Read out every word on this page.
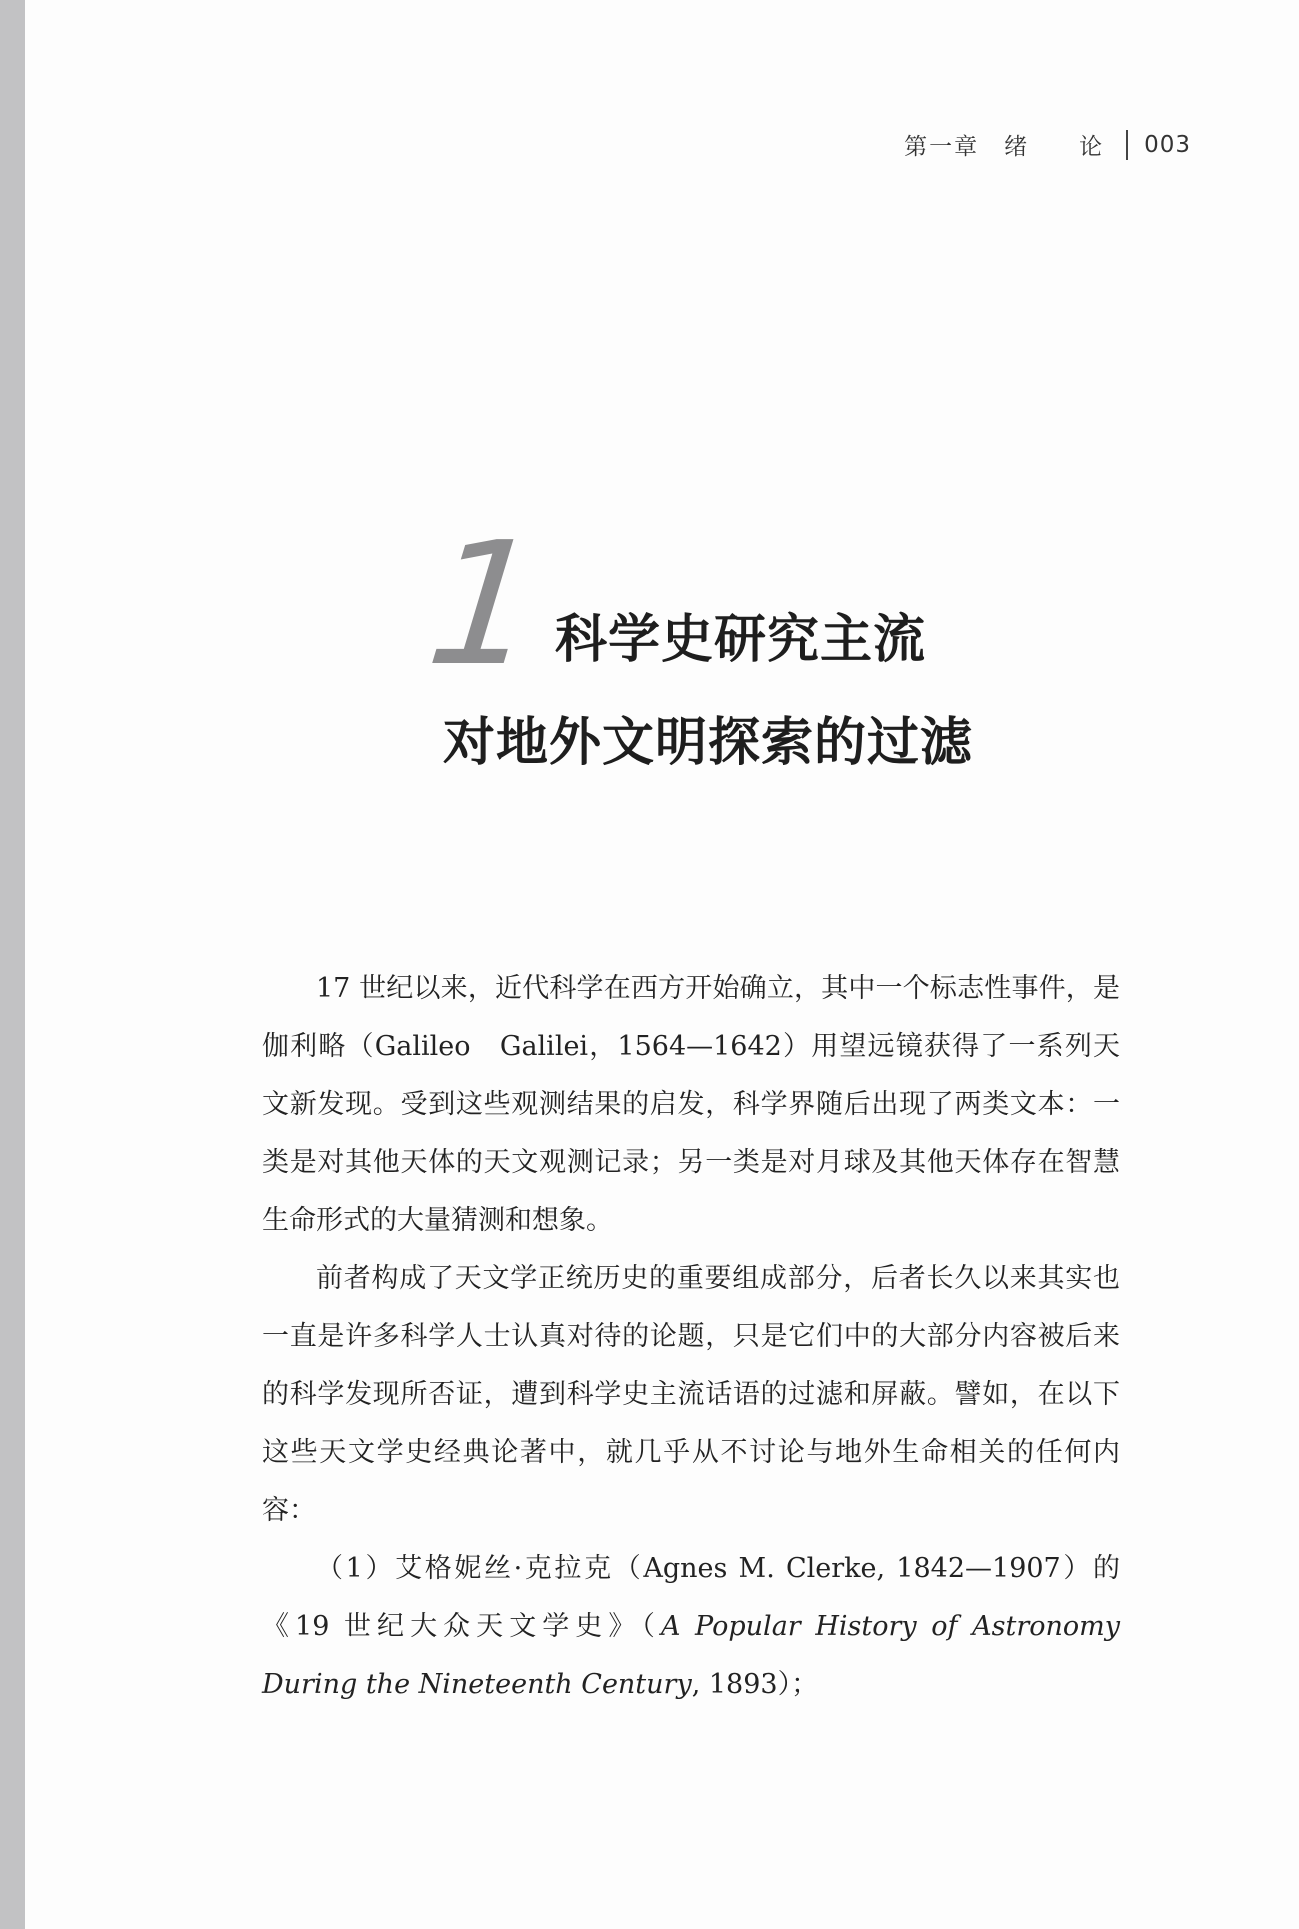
第一章　绪　　论 003
1 科学史研究主流
对地外文明探索的过滤

17 世纪以来，近代科学在西方开始确立，其中一个标志性事件，是伽利略（Galileo　Galilei，1564—1642）用望远镜获得了一系列天文新发现。受到这些观测结果的启发，科学界随后出现了两类文本：一类是对其他天体的天文观测记录；另一类是对月球及其他天体存在智慧生命形式的大量猜测和想象。

前者构成了天文学正统历史的重要组成部分，后者长久以来其实也一直是许多科学人士认真对待的论题，只是它们中的大部分内容被后来的科学发现所否证，遭到科学史主流话语的过滤和屏蔽。譬如，在以下这些天文学史经典论著中，就几乎从不讨论与地外生命相关的任何内容：

（1）艾格妮丝·克拉克（Agnes M. Clerke, 1842—1907）的《19 世纪大众天文学史》（A Popular History of Astronomy During the Nineteenth Century, 1893）；
